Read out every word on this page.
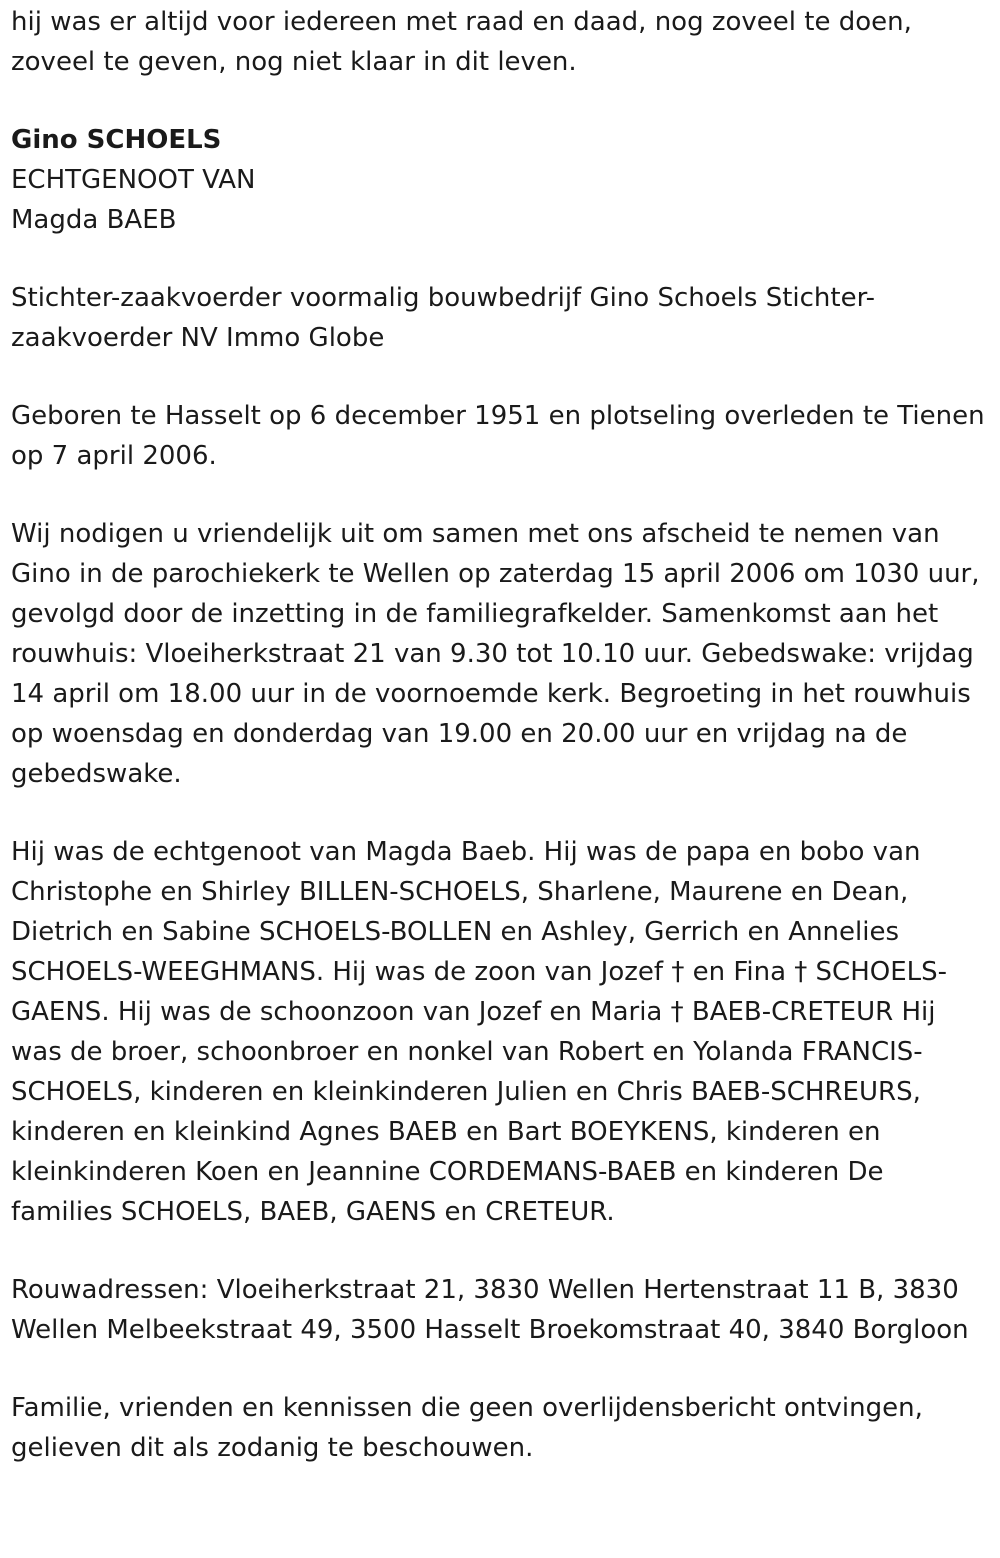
hij was er altijd voor iedereen met raad en daad, nog zoveel te doen, zoveel te geven, nog niet klaar in dit leven.

Gino SCHOELS

ECHTGENOOT VAN

Magda BAEB

Stichter-zaakvoerder voormalig bouwbedrijf Gino Schoels Stichter-zaakvoerder NV Immo Globe

Geboren te Hasselt op 6 december 1951 en plotseling overleden te Tienen op 7 april 2006.

Wij nodigen u vriendelijk uit om samen met ons afscheid te nemen van Gino in de parochiekerk te Wellen op zaterdag 15 april 2006 om 1030 uur, gevolgd door de inzetting in de familiegrafkelder. Samenkomst aan het rouwhuis: Vloeiherkstraat 21 van 9.30 tot 10.10 uur. Gebedswake: vrijdag 14 april om 18.00 uur in de voornoemde kerk. Begroeting in het rouwhuis op woensdag en donderdag van 19.00 en 20.00 uur en vrijdag na de gebedswake.

Hij was de echtgenoot van Magda Baeb. Hij was de papa en bobo van Christophe en Shirley BILLEN-SCHOELS, Sharlene, Maurene en Dean, Dietrich en Sabine SCHOELS-BOLLEN en Ashley, Gerrich en Annelies SCHOELS-WEEGHMANS. Hij was de zoon van Jozef † en Fina † SCHOELS-GAENS. Hij was de schoonzoon van Jozef en Maria † BAEB-CRETEUR Hij was de broer, schoonbroer en nonkel van Robert en Yolanda FRANCIS-SCHOELS, kinderen en kleinkinderen Julien en Chris BAEB-SCHREURS, kinderen en kleinkind Agnes BAEB en Bart BOEYKENS, kinderen en kleinkinderen Koen en Jeannine CORDEMANS-BAEB en kinderen De families SCHOELS, BAEB, GAENS en CRETEUR.

Rouwadressen: Vloeiherkstraat 21, 3830 Wellen Hertenstraat 11 B, 3830 Wellen Melbeekstraat 49, 3500 Hasselt Broekomstraat 40, 3840 Borgloon

Familie, vrienden en kennissen die geen overlijdensbericht ontvingen, gelieven dit als zodanig te beschouwen.
